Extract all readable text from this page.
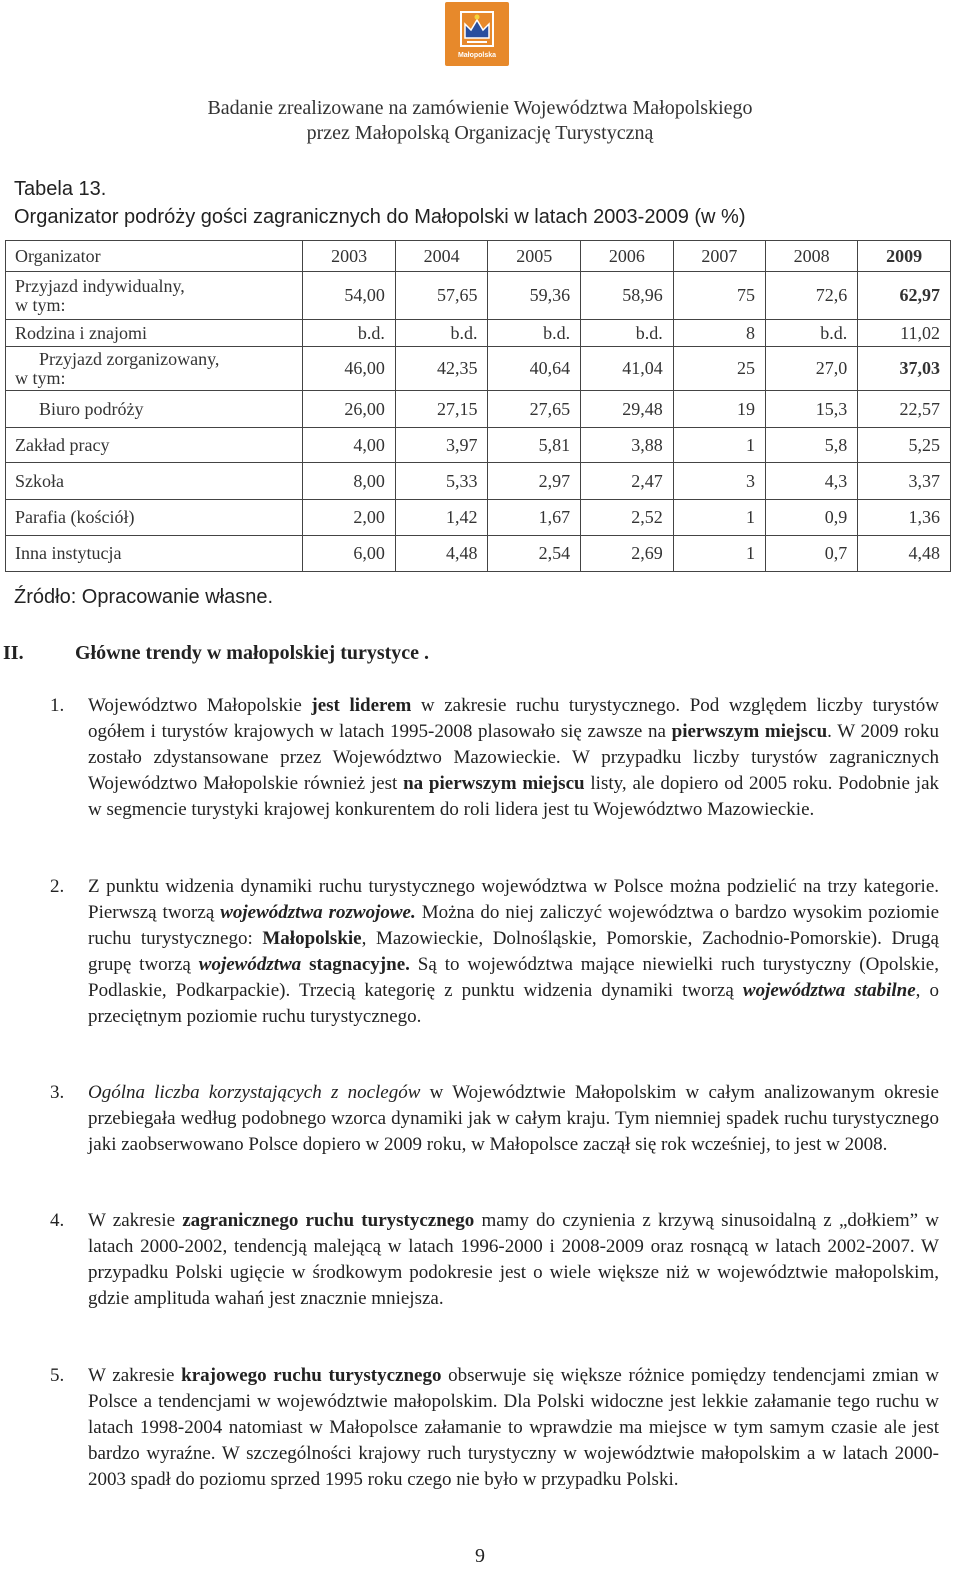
Małopolska
Badanie zrealizowane na zamówienie Województwa Małopolskiego
przez Małopolską Organizację Turystyczną
Tabela 13.
Organizator podróży gości zagranicznych do Małopolski w latach 2003-2009 (w %)
Organizator	2003	2004	2005	2006	2007	2008	2009

Przyjazd indywidualny,
w tym:	54,00	57,65	59,36	58,96	75	72,6	62,97

Rodzina i znajomi	b.d.	b.d.	b.d.	b.d.	8	b.d.	11,02

Przyjazd zorganizowany,
w tym:	46,00	42,35	40,64	41,04	25	27,0	37,03

Biuro podróży	26,00	27,15	27,65	29,48	19	15,3	22,57

Zakład pracy	4,00	3,97	5,81	3,88	1	5,8	5,25

Szkoła	8,00	5,33	2,97	2,47	3	4,3	3,37

Parafia (kościół)	2,00	1,42	1,67	2,52	1	0,9	1,36

Inna instytucja	6,00	4,48	2,54	2,69	1	0,7	4,48
Źródło: Opracowanie własne.
II.	Główne trendy w małopolskiej turystyce .
1. Województwo Małopolskie jest liderem w zakresie ruchu turystycznego. Pod względem liczby turystów ogółem i turystów krajowych w latach 1995-2008 plasowało się zawsze na pierwszym miejscu. W 2009 roku zostało zdystansowane przez Województwo Mazowieckie. W przypadku liczby turystów zagranicznych Województwo Małopolskie również jest na pierwszym miejscu listy, ale dopiero od 2005 roku. Podobnie jak w segmencie turystyki krajowej konkurentem do roli lidera jest tu Województwo Mazowieckie.
2. Z punktu widzenia dynamiki ruchu turystycznego województwa w Polsce można podzielić na trzy kategorie. Pierwszą tworzą województwa rozwojowe. Można do niej zaliczyć województwa o bardzo wysokim poziomie ruchu turystycznego: Małopolskie, Mazowieckie, Dolnośląskie, Pomorskie, Zachodnio-Pomorskie). Drugą grupę tworzą województwa stagnacyjne. Są to województwa mające niewielki ruch turystyczny (Opolskie, Podlaskie, Podkarpackie). Trzecią kategorię z punktu widzenia dynamiki tworzą województwa stabilne, o przeciętnym poziomie ruchu turystycznego.
3. Ogólna liczba korzystających z noclegów w Województwie Małopolskim w całym analizowanym okresie przebiegała według podobnego wzorca dynamiki jak w całym kraju. Tym niemniej spadek ruchu turystycznego jaki zaobserwowano Polsce dopiero w 2009 roku, w Małopolsce zaczął się rok wcześniej, to jest w 2008.
4. W zakresie zagranicznego ruchu turystycznego mamy do czynienia z krzywą sinusoidalną z „dołkiem” w latach 2000-2002, tendencją malejącą w latach 1996-2000 i 2008-2009 oraz rosnącą w latach 2002-2007. W przypadku Polski ugięcie w środkowym podokresie jest o wiele większe niż w województwie małopolskim, gdzie amplituda wahań jest znacznie mniejsza.
5. W zakresie krajowego ruchu turystycznego obserwuje się większe różnice pomiędzy tendencjami zmian w Polsce a tendencjami w województwie małopolskim. Dla Polski widoczne jest lekkie załamanie tego ruchu w latach 1998-2004 natomiast w Małopolsce załamanie to wprawdzie ma miejsce w tym samym czasie ale jest bardzo wyraźne. W szczególności krajowy ruch turystyczny w województwie małopolskim a w latach 2000-2003 spadł do poziomu sprzed 1995 roku czego nie było w przypadku Polski.
9
